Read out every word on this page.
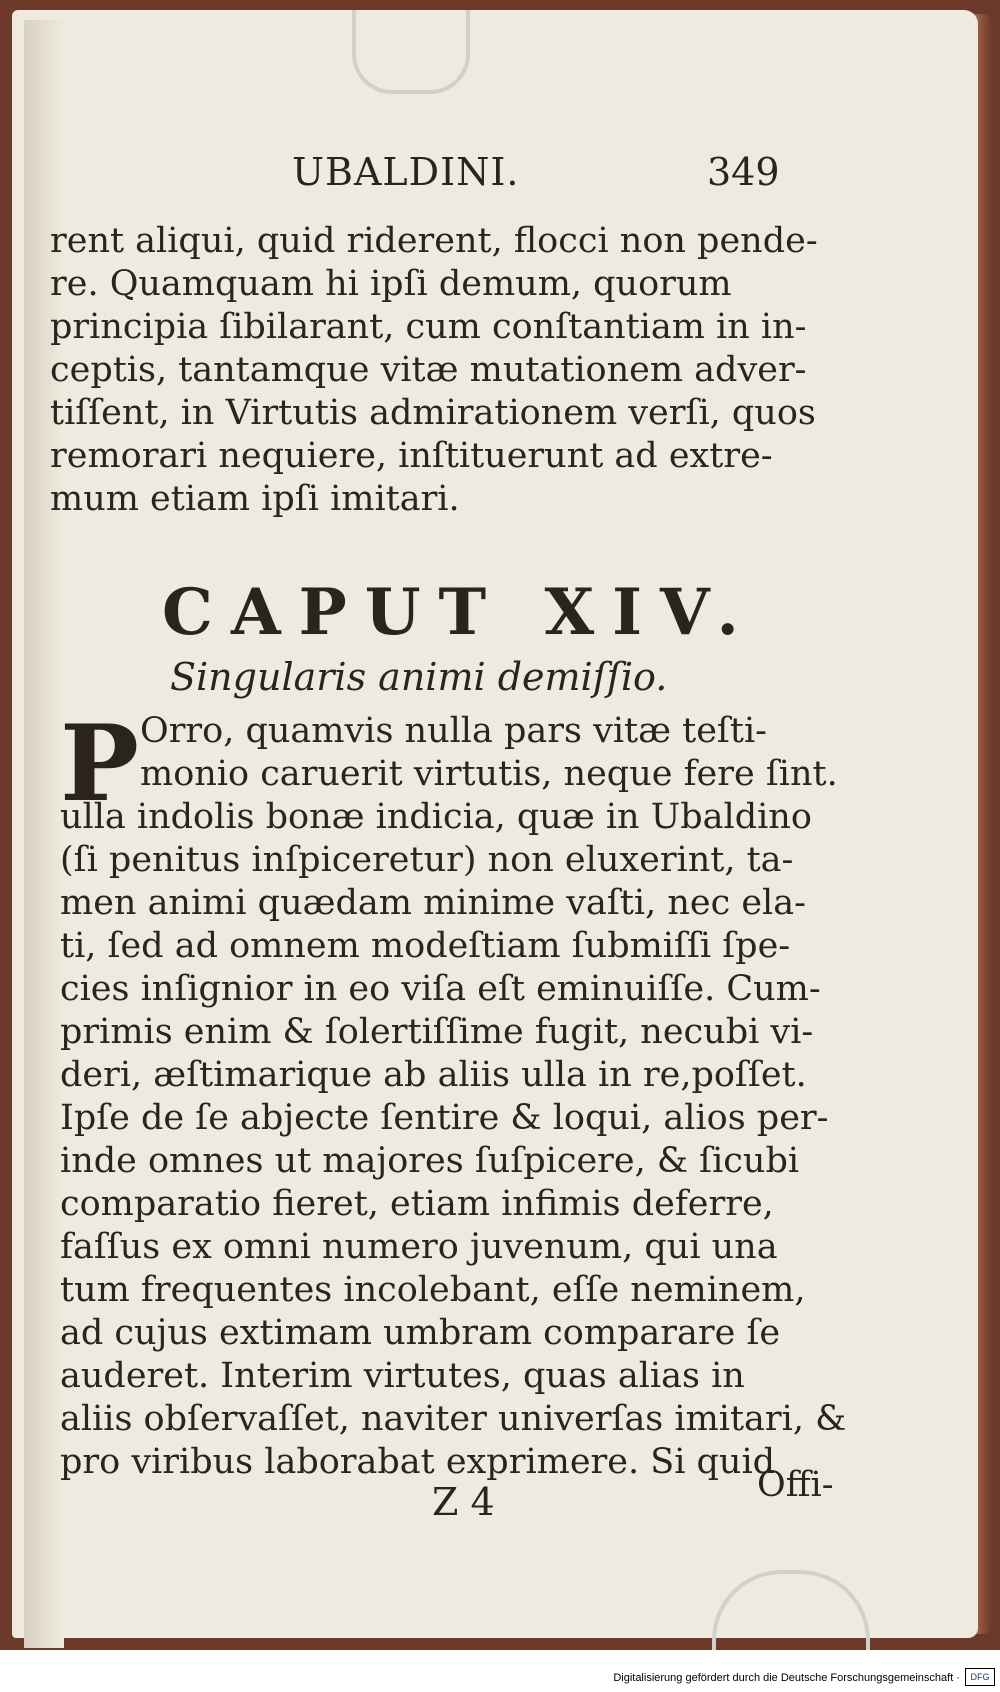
UBALDINI.	349
rent aliqui, quid riderent, flocci non pende-
re. Quamquam hi ipſi demum, quorum
principia ſibilarant, cum conſtantiam in in-
ceptis, tantamque vitæ mutationem adver-
tiſſent, in Virtutis admirationem verſi, quos
remorari nequiere, inſtituerunt ad extre-
mum etiam ipſi imitari.
CAPUT XIV.
Singularis animi demiſſio.
P Orro, quamvis nulla pars vitæ teſti-
monio caruerit virtutis, neque fere ſint.
ulla indolis bonæ indicia, quæ in Ubaldino
(ſi penitus inſpiceretur) non eluxerint, ta-
men animi quædam minime vaſti, nec ela-
ti, ſed ad omnem modeſtiam ſubmiſſi ſpe-
cies inſignior in eo viſa eſt eminuiſſe. Cum-
primis enim & ſolertiſſime fugit, necubi vi-
deri, æſtimarique ab aliis ulla in re,poſſet.
Ipſe de ſe abjecte ſentire & loqui, alios per-
inde omnes ut majores ſuſpicere, & ſicubi
comparatio fieret, etiam infimis deferre,
faſſus ex omni numero juvenum, qui una
tum frequentes incolebant, eſſe neminem,
ad cujus extimam umbram comparare ſe
auderet. Interim virtutes, quas alias in
aliis obſervaſſet, naviter univerſas imitari, &
pro viribus laborabat exprimere. Si quid
Z 4	Offi-
Digitalisierung gefördert durch die Deutsche Forschungsgemeinschaft ·	DFG
